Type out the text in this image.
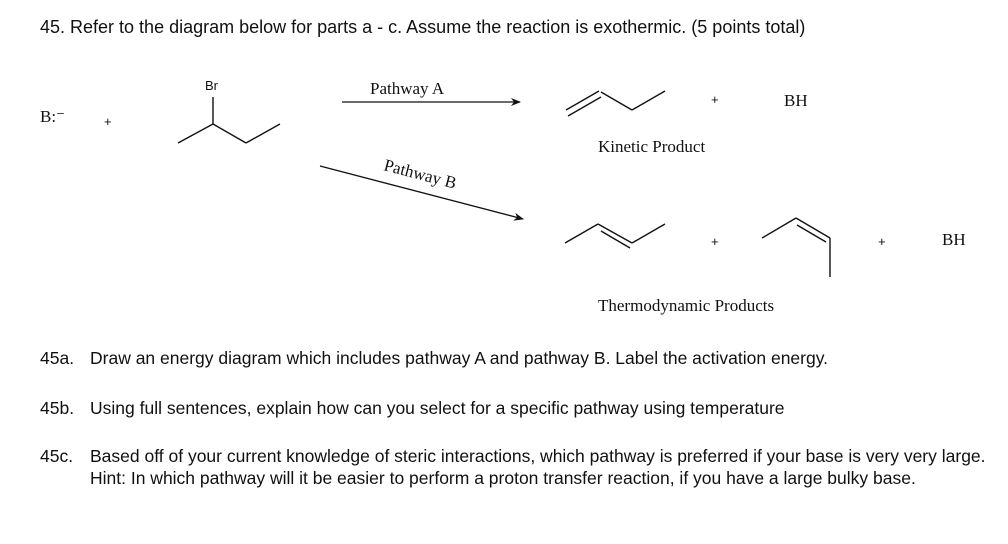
45. Refer to the diagram below for parts a - c. Assume the reaction is exothermic. (5 points total)
B:⁻	+
Br	Pathway A
Pathway B
+	BH
Kinetic Product
+	+	BH
Thermodynamic Products
45a. Draw an energy diagram which includes pathway A and pathway B. Label the activation energy.
45b. Using full sentences, explain how can you select for a specific pathway using temperature
45c. Based off of your current knowledge of steric interactions, which pathway is preferred if your base is very very large. Hint: In which pathway will it be easier to perform a proton transfer reaction, if you have a large bulky base.
